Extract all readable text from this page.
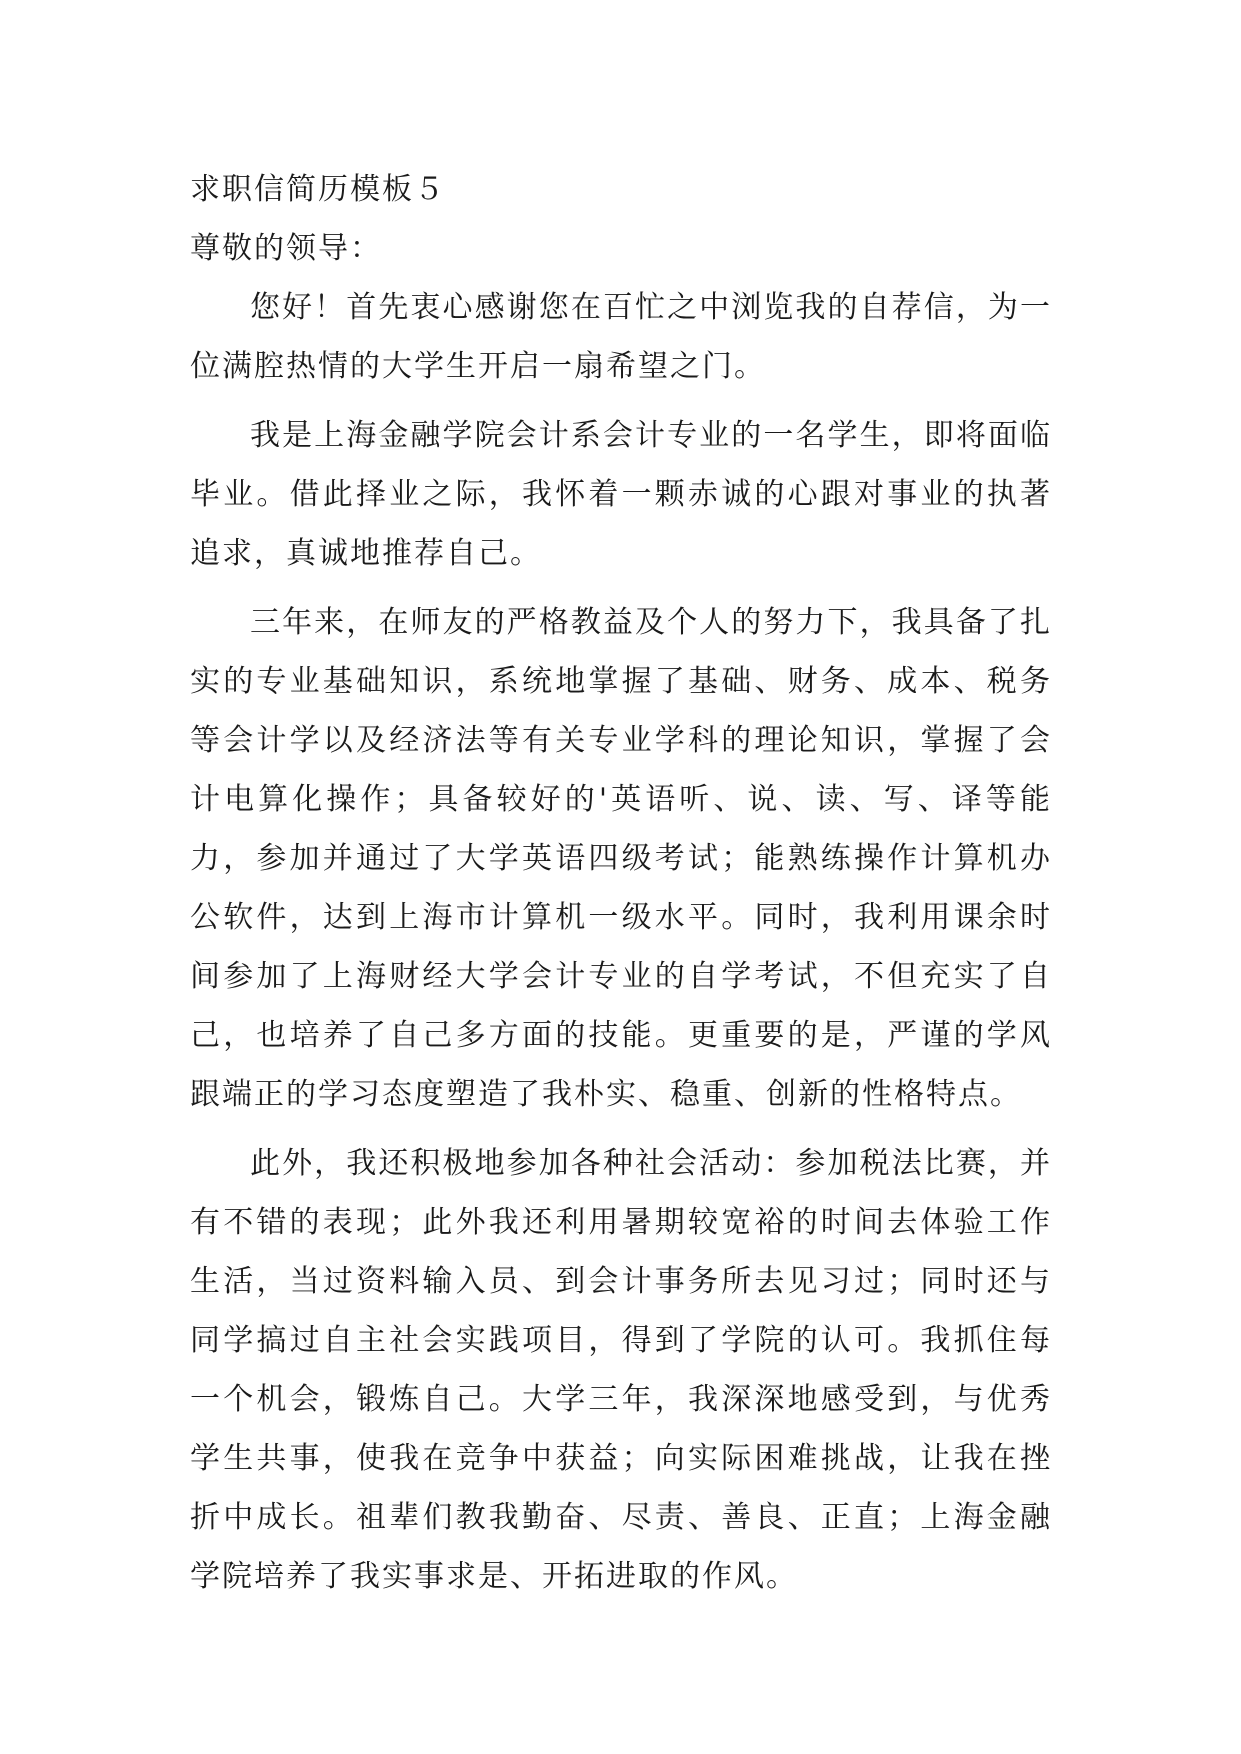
求职信简历模板５

尊敬的领导：

您好！首先衷心感谢您在百忙之中浏览我的自荐信，为一位满腔热情的大学生开启一扇希望之门。

我是上海金融学院会计系会计专业的一名学生，即将面临毕业。借此择业之际，我怀着一颗赤诚的心跟对事业的执著追求，真诚地推荐自己。

三年来，在师友的严格教益及个人的努力下，我具备了扎实的专业基础知识，系统地掌握了基础、财务、成本、税务等会计学以及经济法等有关专业学科的理论知识，掌握了会计电算化操作；具备较好的'英语听、说、读、写、译等能力，参加并通过了大学英语四级考试；能熟练操作计算机办公软件，达到上海市计算机一级水平。同时，我利用课余时间参加了上海财经大学会计专业的自学考试，不但充实了自己，也培养了自己多方面的技能。更重要的是，严谨的学风跟端正的学习态度塑造了我朴实、稳重、创新的性格特点。

此外，我还积极地参加各种社会活动：参加税法比赛，并有不错的表现；此外我还利用暑期较宽裕的时间去体验工作生活，当过资料输入员、到会计事务所去见习过；同时还与同学搞过自主社会实践项目，得到了学院的认可。我抓住每一个机会，锻炼自己。大学三年，我深深地感受到，与优秀学生共事，使我在竞争中获益；向实际困难挑战，让我在挫折中成长。祖辈们教我勤奋、尽责、善良、正直；上海金融学院培养了我实事求是、开拓进取的作风。
